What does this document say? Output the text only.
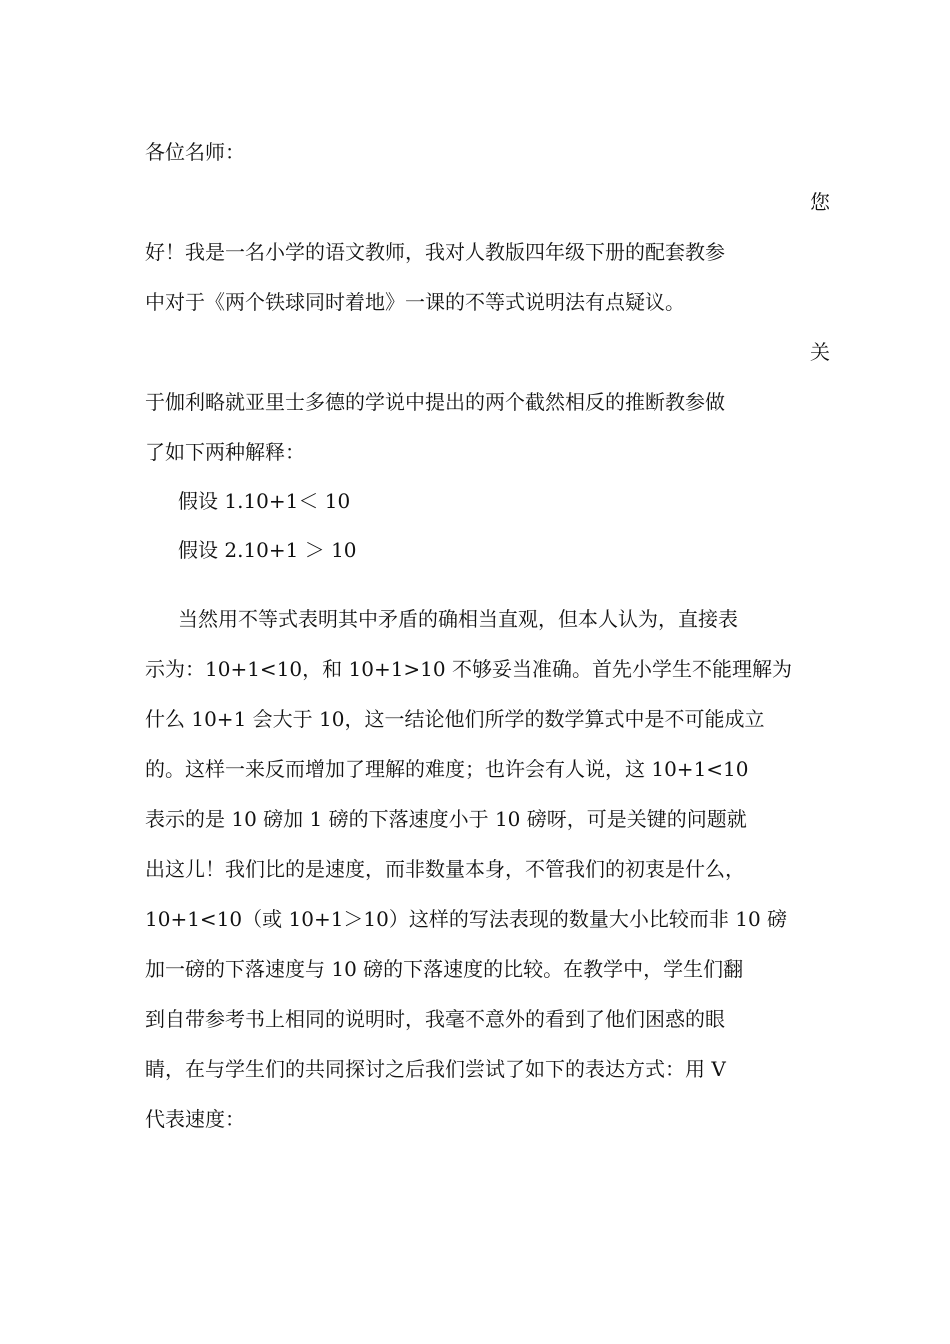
各位名师：
您
好！我是一名小学的语文教师，我对人教版四年级下册的配套教参
中对于《两个铁球同时着地》一课的不等式说明法有点疑议。
关
于伽利略就亚里士多德的学说中提出的两个截然相反的推断教参做
了如下两种解释：
假设 1.10+1＜ 10
假设 2.10+1 ＞ 10
当然用不等式表明其中矛盾的确相当直观，但本人认为，直接表
示为：10+1<10，和 10+1>10 不够妥当准确。首先小学生不能理解为
什么 10+1 会大于 10，这一结论他们所学的数学算式中是不可能成立
的。这样一来反而增加了理解的难度；也许会有人说，这 10+1<10
表示的是 10 磅加 1 磅的下落速度小于 10 磅呀，可是关键的问题就
出这儿！我们比的是速度，而非数量本身，不管我们的初衷是什么，
10+1<10（或 10+1＞10）这样的写法表现的数量大小比较而非 10 磅
加一磅的下落速度与 10 磅的下落速度的比较。在教学中，学生们翻
到自带参考书上相同的说明时，我毫不意外的看到了他们困惑的眼
睛，在与学生们的共同探讨之后我们尝试了如下的表达方式：用 V
代表速度：
